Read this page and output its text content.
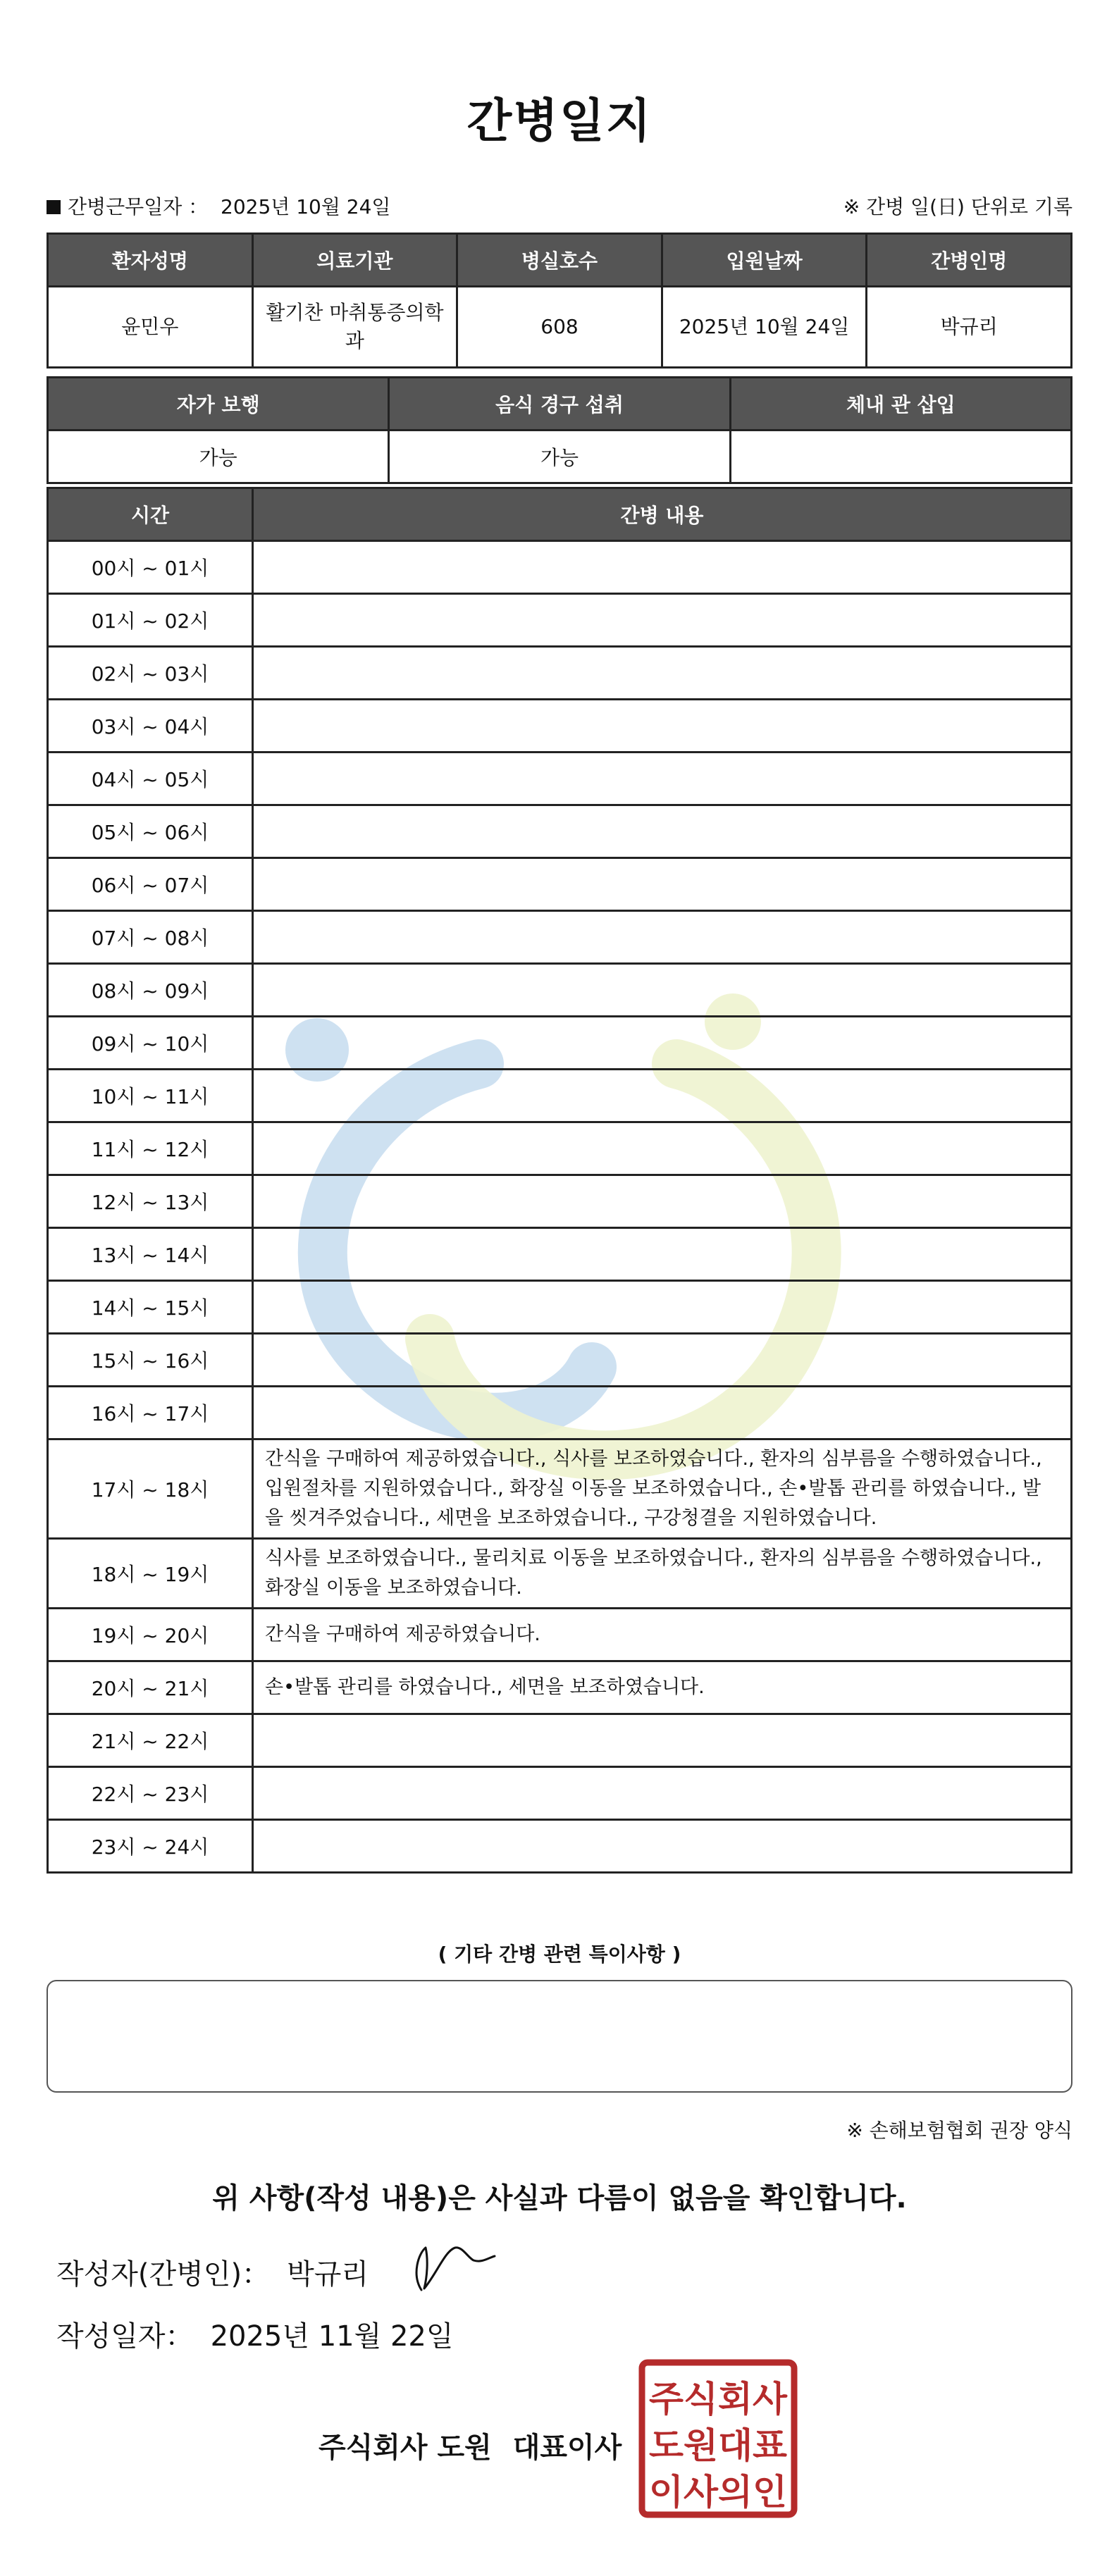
간병일지
간병근무일자 ： 2025년 10월 24일	※ 간병 일(日) 단위로 기록
환자성명	의료기관	병실호수	입원날짜	간병인명
윤민우	활기찬 마취통증의학과	608	2025년 10월 24일	박규리
자가 보행	음식 경구 섭취	체내 관 삽입
가능	가능	
시간	간병 내용
00시 ~ 01시	
01시 ~ 02시	
02시 ~ 03시	
03시 ~ 04시	
04시 ~ 05시	
05시 ~ 06시	
06시 ~ 07시	
07시 ~ 08시	
08시 ~ 09시	
09시 ~ 10시	
10시 ~ 11시	
11시 ~ 12시	
12시 ~ 13시	
13시 ~ 14시	
14시 ~ 15시	
15시 ~ 16시	
16시 ~ 17시	
17시 ~ 18시	간식을 구매하여 제공하였습니다., 식사를 보조하였습니다., 환자의 심부름을 수행하였습니다., 입원절차를 지원하였습니다., 화장실 이동을 보조하였습니다., 손•발톱 관리를 하였습니다., 발을 씻겨주었습니다., 세면을 보조하였습니다., 구강청결을 지원하였습니다.
18시 ~ 19시	식사를 보조하였습니다., 물리치료 이동을 보조하였습니다., 환자의 심부름을 수행하였습니다., 화장실 이동을 보조하였습니다.
19시 ~ 20시	간식을 구매하여 제공하였습니다.
20시 ~ 21시	손•발톱 관리를 하였습니다., 세면을 보조하였습니다.
21시 ~ 22시	
22시 ~ 23시	
23시 ~ 24시	
( 기타 간병 관련 특이사항 )
※ 손해보험협회 권장 양식
위 사항(작성 내용)은 사실과 다름이 없음을 확인합니다.
작성자(간병인)： 박규리
작성일자： 2025년 11월 22일
주식회사 도원 대표이사
주식회사
도원대표
이사의인
